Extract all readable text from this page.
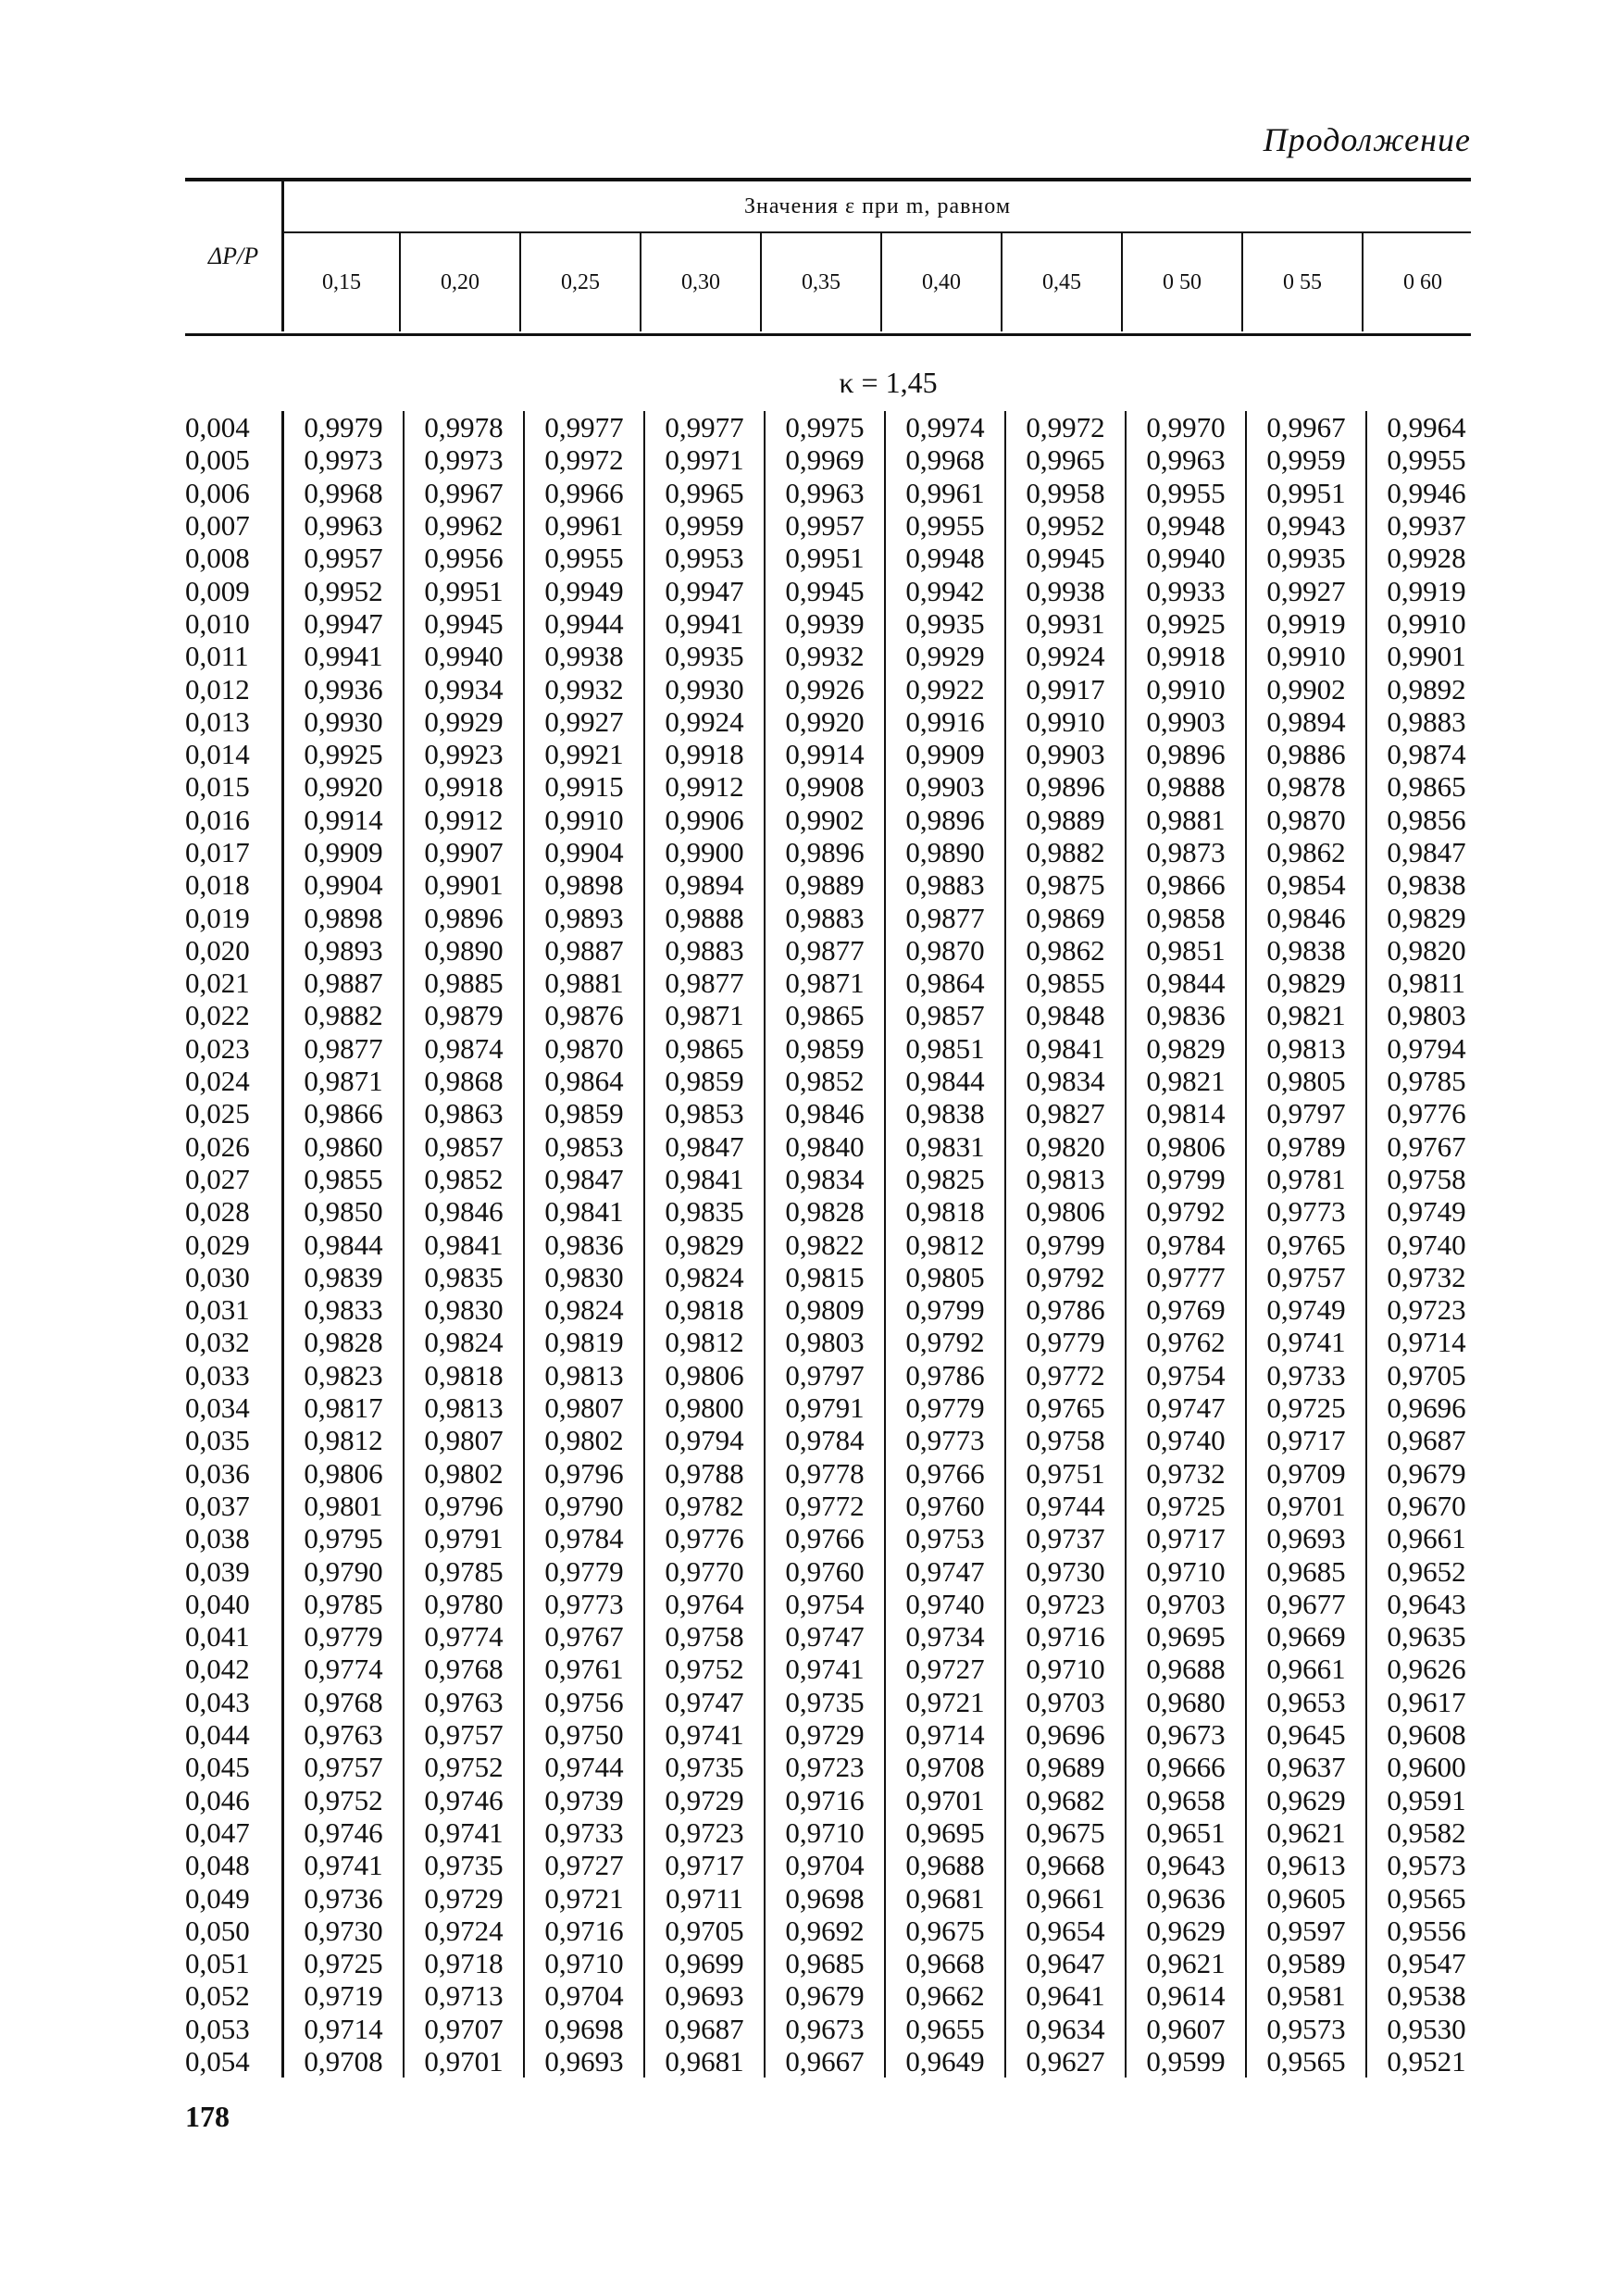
Продолжение
ΔP/P
Значения ε при m, равном
0,15	0,20	0,25	0,30	0,35	0,40	0,45	0 50	0 55	0 60
κ = 1,45
0,004	0,9979	0,9978	0,9977	0,9977	0,9975	0,9974	0,9972	0,9970	0,9967	0,9964
0,005	0,9973	0,9973	0,9972	0,9971	0,9969	0,9968	0,9965	0,9963	0,9959	0,9955
0,006	0,9968	0,9967	0,9966	0,9965	0,9963	0,9961	0,9958	0,9955	0,9951	0,9946
0,007	0,9963	0,9962	0,9961	0,9959	0,9957	0,9955	0,9952	0,9948	0,9943	0,9937
0,008	0,9957	0,9956	0,9955	0,9953	0,9951	0,9948	0,9945	0,9940	0,9935	0,9928
0,009	0,9952	0,9951	0,9949	0,9947	0,9945	0,9942	0,9938	0,9933	0,9927	0,9919
0,010	0,9947	0,9945	0,9944	0,9941	0,9939	0,9935	0,9931	0,9925	0,9919	0,9910
0,011	0,9941	0,9940	0,9938	0,9935	0,9932	0,9929	0,9924	0,9918	0,9910	0,9901
0,012	0,9936	0,9934	0,9932	0,9930	0,9926	0,9922	0,9917	0,9910	0,9902	0,9892
0,013	0,9930	0,9929	0,9927	0,9924	0,9920	0,9916	0,9910	0,9903	0,9894	0,9883
0,014	0,9925	0,9923	0,9921	0,9918	0,9914	0,9909	0,9903	0,9896	0,9886	0,9874
0,015	0,9920	0,9918	0,9915	0,9912	0,9908	0,9903	0,9896	0,9888	0,9878	0,9865
0,016	0,9914	0,9912	0,9910	0,9906	0,9902	0,9896	0,9889	0,9881	0,9870	0,9856
0,017	0,9909	0,9907	0,9904	0,9900	0,9896	0,9890	0,9882	0,9873	0,9862	0,9847
0,018	0,9904	0,9901	0,9898	0,9894	0,9889	0,9883	0,9875	0,9866	0,9854	0,9838
0,019	0,9898	0,9896	0,9893	0,9888	0,9883	0,9877	0,9869	0,9858	0,9846	0,9829
0,020	0,9893	0,9890	0,9887	0,9883	0,9877	0,9870	0,9862	0,9851	0,9838	0,9820
0,021	0,9887	0,9885	0,9881	0,9877	0,9871	0,9864	0,9855	0,9844	0,9829	0,9811
0,022	0,9882	0,9879	0,9876	0,9871	0,9865	0,9857	0,9848	0,9836	0,9821	0,9803
0,023	0,9877	0,9874	0,9870	0,9865	0,9859	0,9851	0,9841	0,9829	0,9813	0,9794
0,024	0,9871	0,9868	0,9864	0,9859	0,9852	0,9844	0,9834	0,9821	0,9805	0,9785
0,025	0,9866	0,9863	0,9859	0,9853	0,9846	0,9838	0,9827	0,9814	0,9797	0,9776
0,026	0,9860	0,9857	0,9853	0,9847	0,9840	0,9831	0,9820	0,9806	0,9789	0,9767
0,027	0,9855	0,9852	0,9847	0,9841	0,9834	0,9825	0,9813	0,9799	0,9781	0,9758
0,028	0,9850	0,9846	0,9841	0,9835	0,9828	0,9818	0,9806	0,9792	0,9773	0,9749
0,029	0,9844	0,9841	0,9836	0,9829	0,9822	0,9812	0,9799	0,9784	0,9765	0,9740
0,030	0,9839	0,9835	0,9830	0,9824	0,9815	0,9805	0,9792	0,9777	0,9757	0,9732
0,031	0,9833	0,9830	0,9824	0,9818	0,9809	0,9799	0,9786	0,9769	0,9749	0,9723
0,032	0,9828	0,9824	0,9819	0,9812	0,9803	0,9792	0,9779	0,9762	0,9741	0,9714
0,033	0,9823	0,9818	0,9813	0,9806	0,9797	0,9786	0,9772	0,9754	0,9733	0,9705
0,034	0,9817	0,9813	0,9807	0,9800	0,9791	0,9779	0,9765	0,9747	0,9725	0,9696
0,035	0,9812	0,9807	0,9802	0,9794	0,9784	0,9773	0,9758	0,9740	0,9717	0,9687
0,036	0,9806	0,9802	0,9796	0,9788	0,9778	0,9766	0,9751	0,9732	0,9709	0,9679
0,037	0,9801	0,9796	0,9790	0,9782	0,9772	0,9760	0,9744	0,9725	0,9701	0,9670
0,038	0,9795	0,9791	0,9784	0,9776	0,9766	0,9753	0,9737	0,9717	0,9693	0,9661
0,039	0,9790	0,9785	0,9779	0,9770	0,9760	0,9747	0,9730	0,9710	0,9685	0,9652
0,040	0,9785	0,9780	0,9773	0,9764	0,9754	0,9740	0,9723	0,9703	0,9677	0,9643
0,041	0,9779	0,9774	0,9767	0,9758	0,9747	0,9734	0,9716	0,9695	0,9669	0,9635
0,042	0,9774	0,9768	0,9761	0,9752	0,9741	0,9727	0,9710	0,9688	0,9661	0,9626
0,043	0,9768	0,9763	0,9756	0,9747	0,9735	0,9721	0,9703	0,9680	0,9653	0,9617
0,044	0,9763	0,9757	0,9750	0,9741	0,9729	0,9714	0,9696	0,9673	0,9645	0,9608
0,045	0,9757	0,9752	0,9744	0,9735	0,9723	0,9708	0,9689	0,9666	0,9637	0,9600
0,046	0,9752	0,9746	0,9739	0,9729	0,9716	0,9701	0,9682	0,9658	0,9629	0,9591
0,047	0,9746	0,9741	0,9733	0,9723	0,9710	0,9695	0,9675	0,9651	0,9621	0,9582
0,048	0,9741	0,9735	0,9727	0,9717	0,9704	0,9688	0,9668	0,9643	0,9613	0,9573
0,049	0,9736	0,9729	0,9721	0,9711	0,9698	0,9681	0,9661	0,9636	0,9605	0,9565
0,050	0,9730	0,9724	0,9716	0,9705	0,9692	0,9675	0,9654	0,9629	0,9597	0,9556
0,051	0,9725	0,9718	0,9710	0,9699	0,9685	0,9668	0,9647	0,9621	0,9589	0,9547
0,052	0,9719	0,9713	0,9704	0,9693	0,9679	0,9662	0,9641	0,9614	0,9581	0,9538
0,053	0,9714	0,9707	0,9698	0,9687	0,9673	0,9655	0,9634	0,9607	0,9573	0,9530
0,054	0,9708	0,9701	0,9693	0,9681	0,9667	0,9649	0,9627	0,9599	0,9565	0,9521
178
